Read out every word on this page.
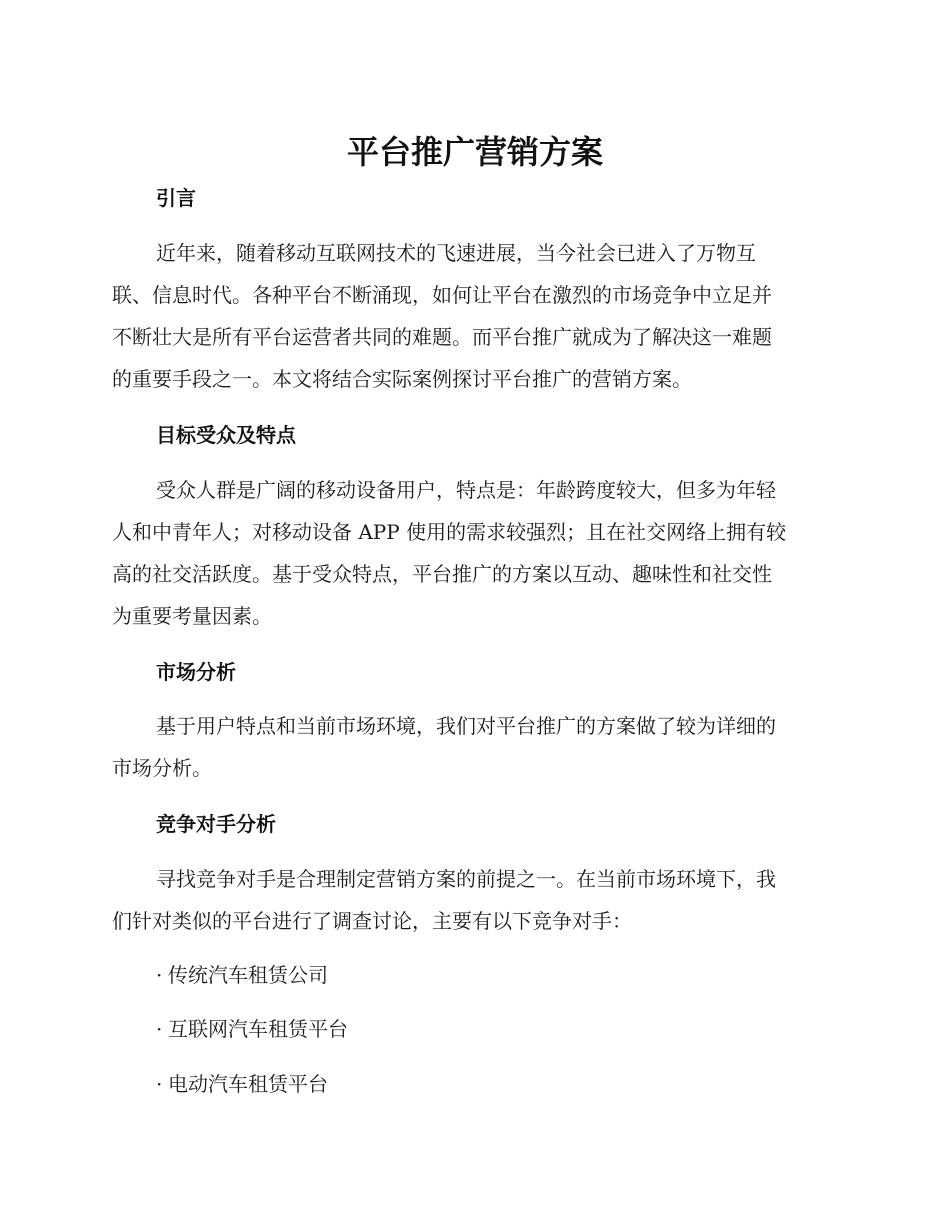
平台推广营销方案
引言
近年来，随着移动互联网技术的飞速进展，当今社会已进入了万物互
联、信息时代。各种平台不断涌现，如何让平台在激烈的市场竞争中立足并
不断壮大是所有平台运营者共同的难题。而平台推广就成为了解决这一难题
的重要手段之一。本文将结合实际案例探讨平台推广的营销方案。
目标受众及特点
受众人群是广阔的移动设备用户，特点是：年龄跨度较大，但多为年轻
人和中青年人；对移动设备 APP 使用的需求较强烈；且在社交网络上拥有较
高的社交活跃度。基于受众特点，平台推广的方案以互动、趣味性和社交性
为重要考量因素。
市场分析
基于用户特点和当前市场环境，我们对平台推广的方案做了较为详细的
市场分析。
竞争对手分析
寻找竞争对手是合理制定营销方案的前提之一。在当前市场环境下，我
们针对类似的平台进行了调查讨论，主要有以下竞争对手：
· 传统汽车租赁公司
· 互联网汽车租赁平台
· 电动汽车租赁平台
